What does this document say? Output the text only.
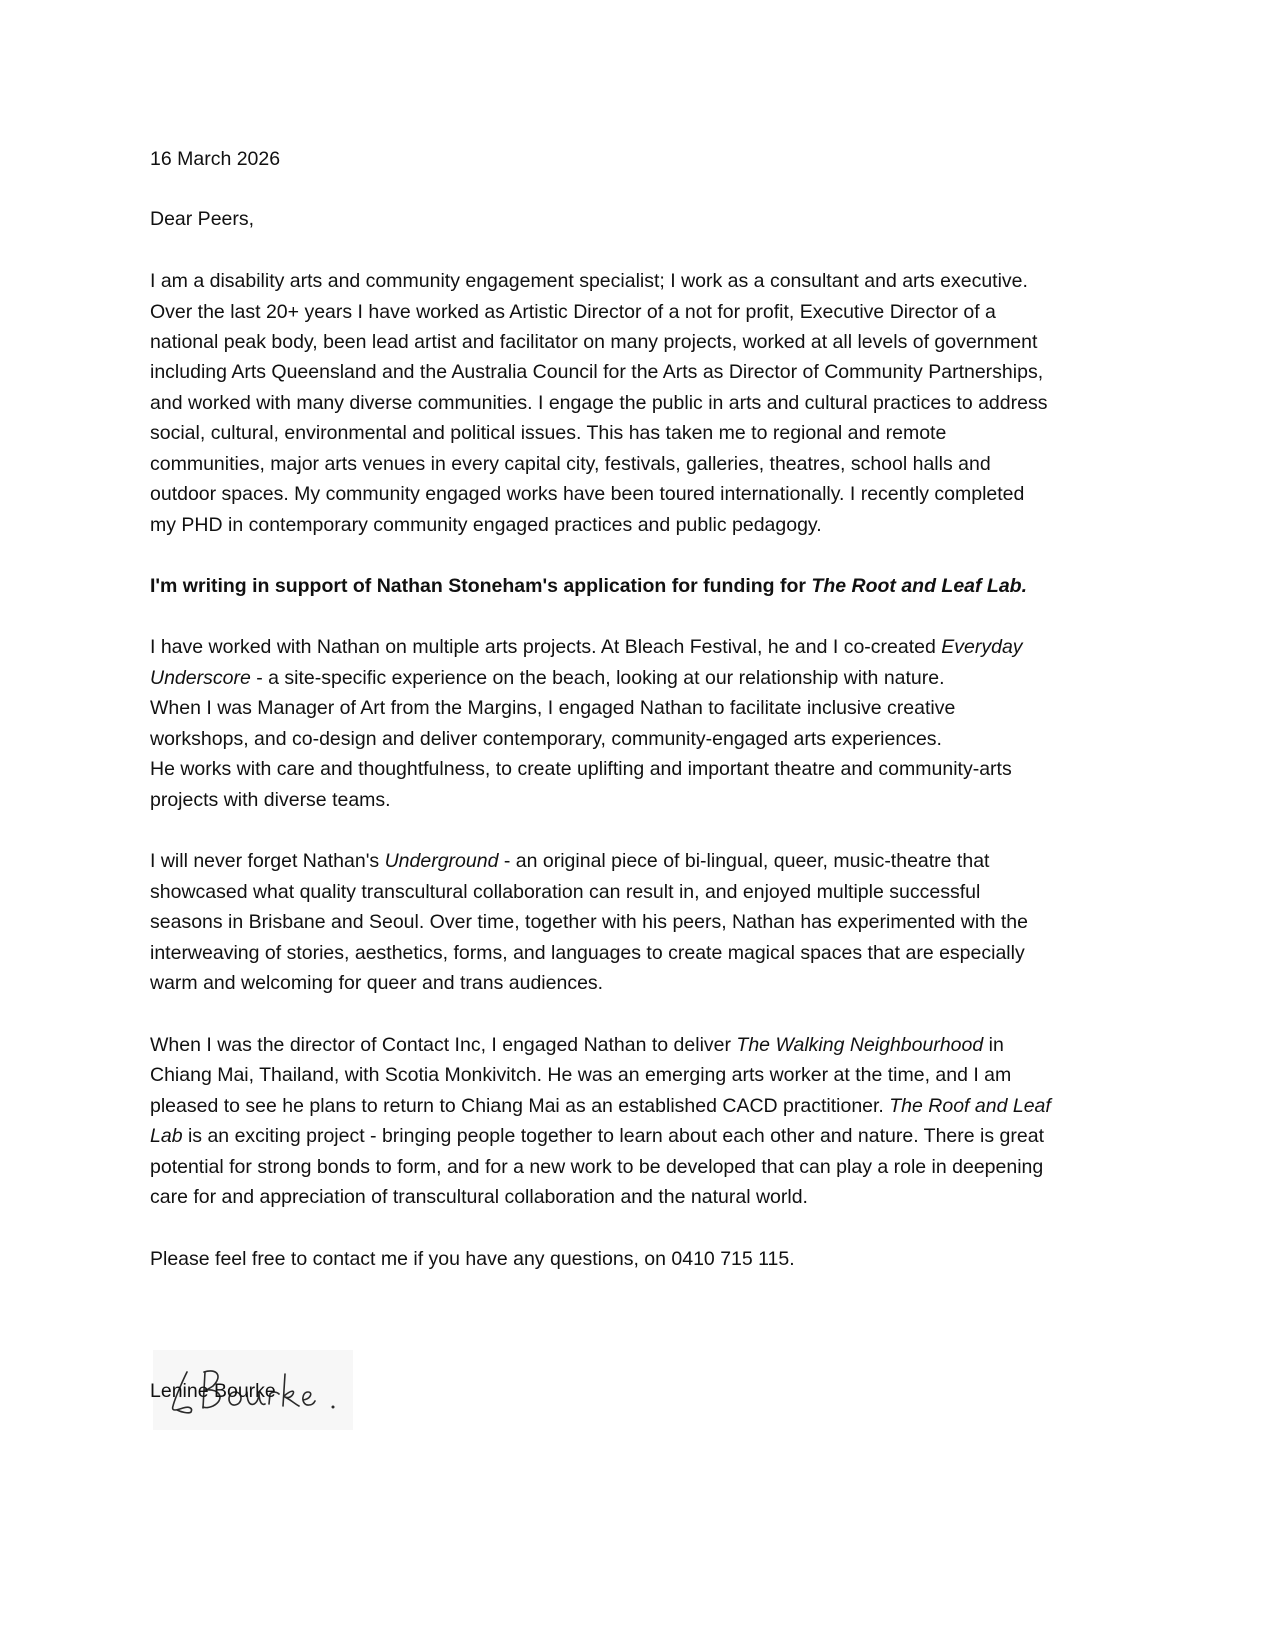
16 March 2026

Dear Peers,

I am a disability arts and community engagement specialist; I work as a consultant and arts executive.

Over the last 20+ years I have worked as Artistic Director of a not for profit, Executive Director of a

national peak body, been lead artist and facilitator on many projects, worked at all levels of government

including Arts Queensland and the Australia Council for the Arts as Director of Community Partnerships,

and worked with many diverse communities. I engage the public in arts and cultural practices to address

social, cultural, environmental and political issues. This has taken me to regional and remote

communities, major arts venues in every capital city, festivals, galleries, theatres, school halls and

outdoor spaces. My community engaged works have been toured internationally. I recently completed

my PHD in contemporary community engaged practices and public pedagogy.

I'm writing in support of Nathan Stoneham's application for funding for The Root and Leaf Lab.

I have worked with Nathan on multiple arts projects. At Bleach Festival, he and I co-created Everyday

Underscore - a site-specific experience on the beach, looking at our relationship with nature.

When I was Manager of Art from the Margins, I engaged Nathan to facilitate inclusive creative

workshops, and co-design and deliver contemporary, community-engaged arts experiences.

He works with care and thoughtfulness, to create uplifting and important theatre and community-arts

projects with diverse teams.

I will never forget Nathan's Underground - an original piece of bi-lingual, queer, music-theatre that

showcased what quality transcultural collaboration can result in, and enjoyed multiple successful

seasons in Brisbane and Seoul. Over time, together with his peers, Nathan has experimented with the

interweaving of stories, aesthetics, forms, and languages to create magical spaces that are especially

warm and welcoming for queer and trans audiences.

When I was the director of Contact Inc, I engaged Nathan to deliver The Walking Neighbourhood in

Chiang Mai, Thailand, with Scotia Monkivitch. He was an emerging arts worker at the time, and I am

pleased to see he plans to return to Chiang Mai as an established CACD practitioner. The Roof and Leaf

Lab is an exciting project - bringing people together to learn about each other and nature. There is great

potential for strong bonds to form, and for a new work to be developed that can play a role in deepening

care for and appreciation of transcultural collaboration and the natural world.

Please feel free to contact me if you have any questions, on 0410 715 115.

Lenine Bourke
